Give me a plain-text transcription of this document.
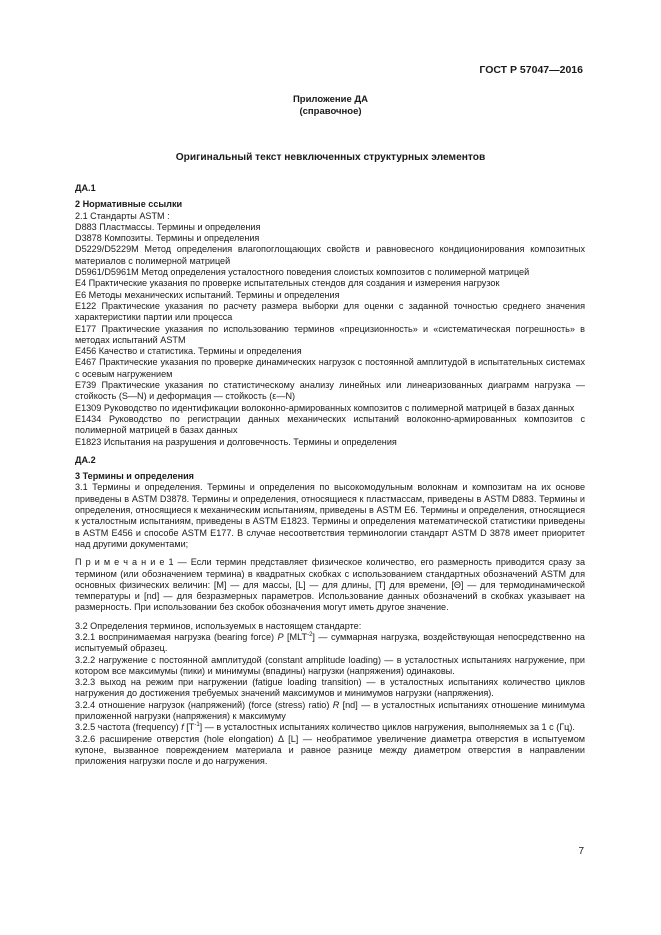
ГОСТ Р 57047—2016
Приложение ДА
(справочное)
Оригинальный текст невключенных структурных элементов

ДА.1

2 Нормативные ссылки

2.1 Стандарты ASTM :

D883 Пластмассы. Термины и определения

D3878 Композиты. Термины и определения

D5229/D5229M Метод определения влагопоглощающих свойств и равновесного кондиционирования композитных материалов с полимерной матрицей

D5961/D5961M Метод определения усталостного поведения слоистых композитов с полимерной матрицей

E4 Практические указания по проверке испытательных стендов для создания и измерения нагрузок

E6 Методы механических испытаний. Термины и определения

E122 Практические указания по расчету размера выборки для оценки с заданной точностью среднего значения характеристики партии или процесса

E177 Практические указания по использованию терминов «прецизионность» и «систематическая погрешность» в методах испытаний ASTM

E456 Качество и статистика. Термины и определения

E467 Практические указания по проверке динамических нагрузок с постоянной амплитудой в испытательных системах с осевым нагружением

E739 Практические указания по статистическому анализу линейных или линеаризованных диаграмм нагрузка — стойкость (S—N) и деформация — стойкость (ε—N)

E1309 Руководство по идентификации волоконно-армированных композитов с полимерной матрицей в базах данных

E1434 Руководство по регистрации данных механических испытаний волоконно-армированных композитов с полимерной матрицей в базах данных

E1823 Испытания на разрушения и долговечность. Термины и определения

ДА.2

3 Термины и определения

3.1 Термины и определения. Термины и определения по высокомодульным волокнам и композитам на их основе приведены в ASTM D3878. Термины и определения, относящиеся к пластмассам, приведены в ASTM D883. Термины и определения, относящиеся к механическим испытаниям, приведены в ASTM E6. Термины и определения, относящиеся к усталостным испытаниям, приведены в ASTM E1823. Термины и определения математической статистики приведены в ASTM E456 и способе ASTM E177. В случае несоответствия терминологии стандарт ASTM D 3878 имеет приоритет над другими документами;

П р и м е ч а н и е 1 — Если термин представляет физическое количество, его размерность приводится сразу за термином (или обозначением термина) в квадратных скобках с использованием стандартных обозначений ASTM для основных физических величин: [M] — для массы, [L] — для длины, [T] для времени, [Θ] — для термодинамической температуры и [nd] — для безразмерных параметров. Использование данных обозначений в скобках указывает на размерность. При использовании без скобок обозначения могут иметь другое значение.

3.2 Определения терминов, используемых в настоящем стандарте:

3.2.1 воспринимаемая нагрузка (bearing force) P $[MLT^{-2}]$ — суммарная нагрузка, воздействующая непосредственно на испытуемый образец.

3.2.2 нагружение с постоянной амплитудой (constant amplitude loading) — в усталостных испытаниях нагружение, при котором все максимумы (пики) и минимумы (впадины) нагрузки (напряжения) одинаковы.

3.2.3 выход на режим при нагружении (fatigue loading transition) — в усталостных испытаниях количество циклов нагружения до достижения требуемых значений максимумов и минимумов нагрузки (напряжения).

3.2.4 отношение нагрузок (напряжений) (force (stress) ratio) R [nd] — в усталостных испытаниях отношение минимума приложенной нагрузки (напряжения) к максимуму

3.2.5 частота (frequency) f $[T^{-1}]$ — в усталостных испытаниях количество циклов нагружения, выполняемых за 1 с (Гц).

3.2.6 расширение отверстия (hole elongation) Δ [L] — необратимое увеличение диаметра отверстия в испытуемом купоне, вызванное повреждением материала и равное разнице между диаметром отверстия в направлении приложения нагрузки после и до нагружения.

7
